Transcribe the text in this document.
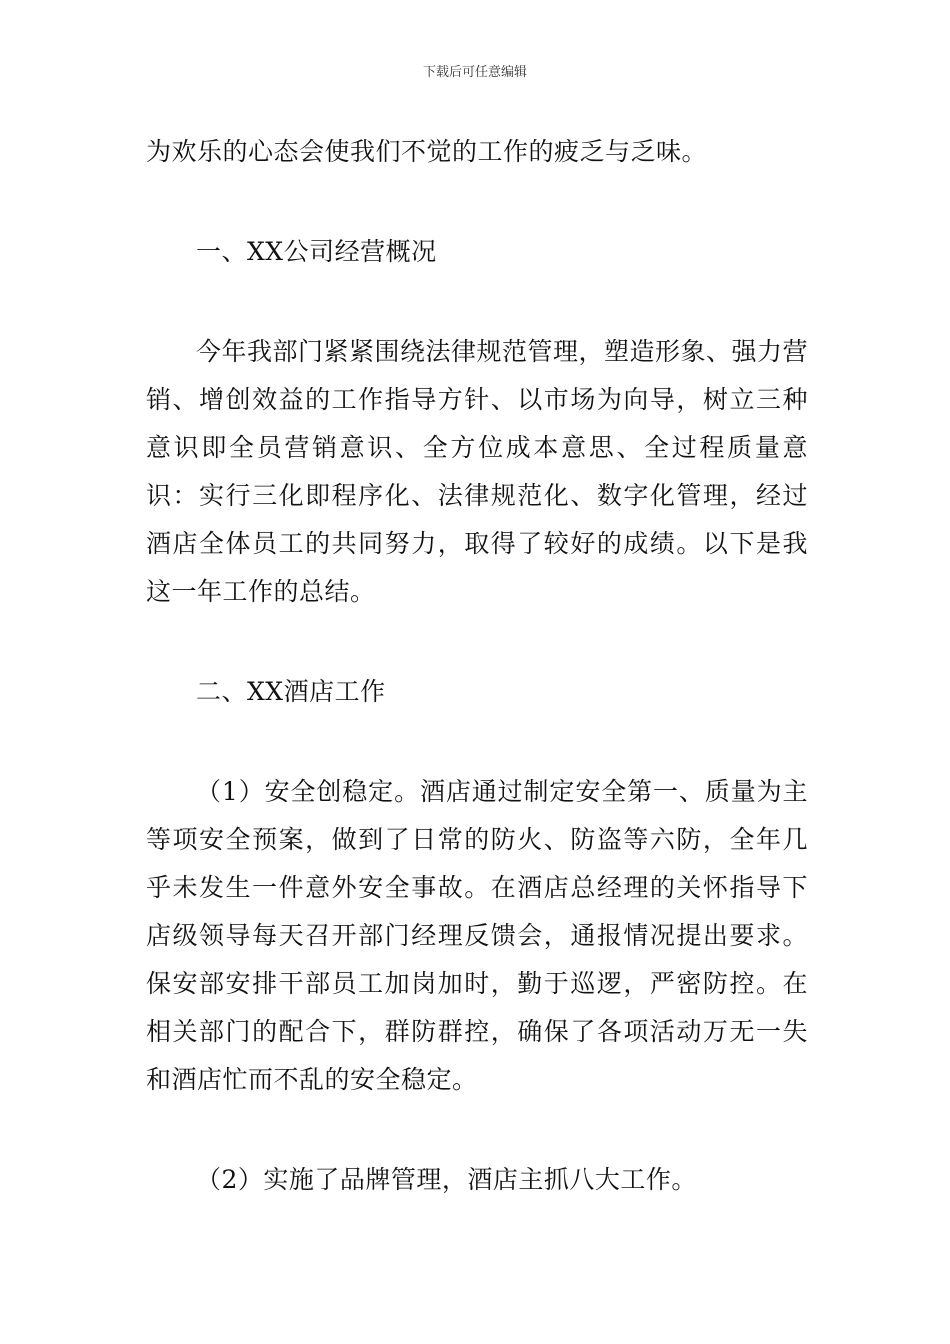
下载后可任意编辑

为欢乐的心态会使我们不觉的工作的疲乏与乏味。

一、XX公司经营概况

今年我部门紧紧围绕法律规范管理，塑造形象、强力营销、增创效益的工作指导方针、以市场为向导，树立三种意识即全员营销意识、全方位成本意思、全过程质量意识：实行三化即程序化、法律规范化、数字化管理，经过酒店全体员工的共同努力，取得了较好的成绩。以下是我这一年工作的总结。

二、XX酒店工作

（1）安全创稳定。酒店通过制定安全第一、质量为主等项安全预案，做到了日常的防火、防盗等六防，全年几乎未发生一件意外安全事故。在酒店总经理的关怀指导下店级领导每天召开部门经理反馈会，通报情况提出要求。保安部安排干部员工加岗加时，勤于巡逻，严密防控。在相关部门的配合下，群防群控，确保了各项活动万无一失和酒店忙而不乱的安全稳定。

（2）实施了品牌管理，酒店主抓八大工作。
